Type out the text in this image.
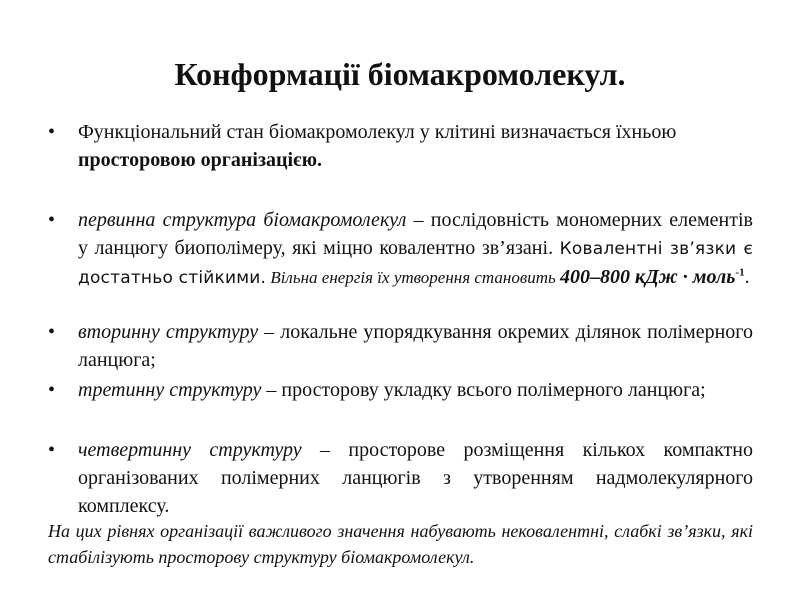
Конформації біомакромолекул.
• Функціональний стан біомакромолекул у клітині визначається їхньою просторовою організацією.
• первинна структура біомакромолекул – послідовність мономерних елементів у ланцюгу биополімеру, які міцно ковалентно зв’язані. Ковалентні зв’язки є достатньо стійкими. Вільна енергія їх утворення становить 400–800 кДж · моль$^{-1}$.
• вторинну структуру – локальне упорядкування окремих ділянок полімерного ланцюга;
• третинну структуру – просторову укладку всього полімерного ланцюга;
• четвертинну структуру – просторове розміщення кількох компактно організованих полімерних ланцюгів з утворенням надмолекулярного комплексу.
На цих рівнях організації важливого значення набувають нековалентні, слабкі зв’язки, які стабілізують просторову структуру біомакромолекул.
